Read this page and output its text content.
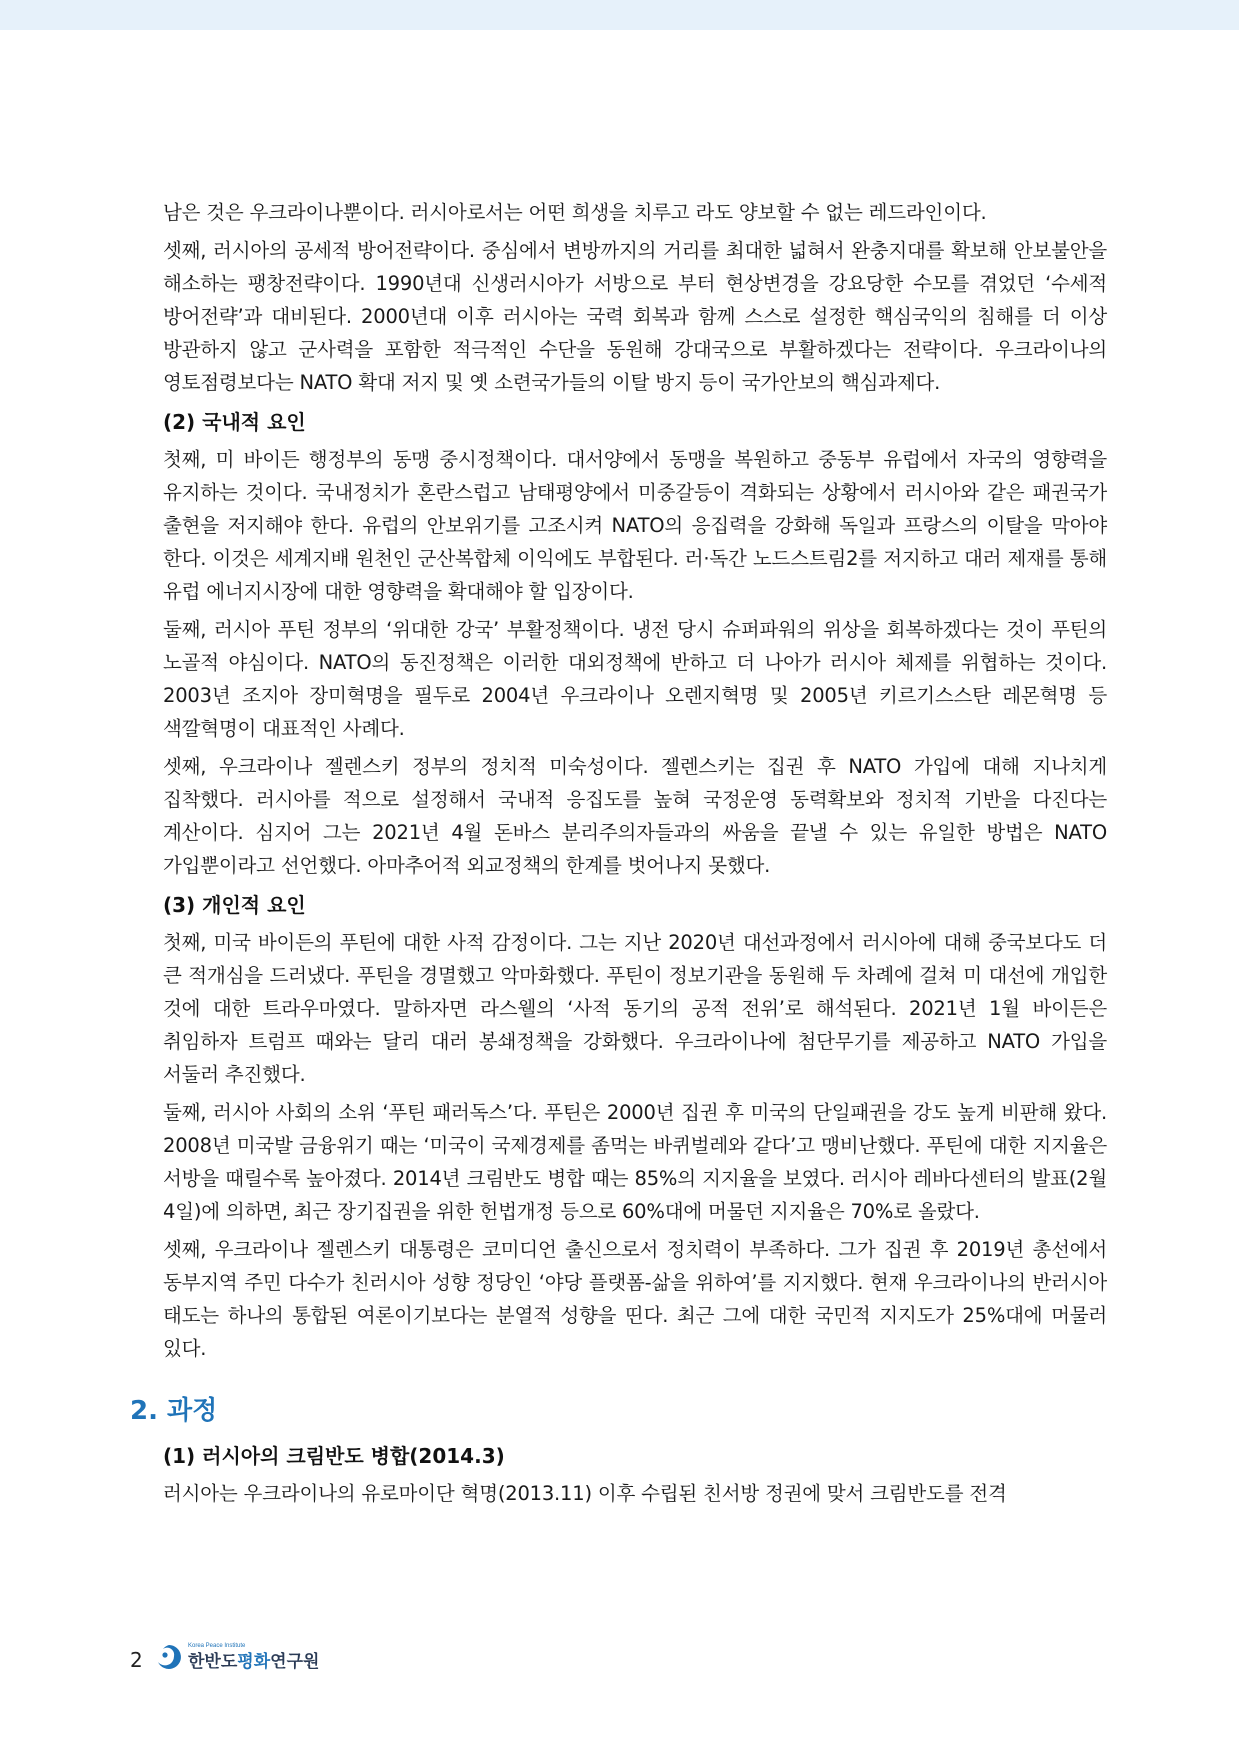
남은 것은 우크라이나뿐이다. 러시아로서는 어떤 희생을 치루고 라도 양보할 수 없는 레드라인이다.

셋째, 러시아의 공세적 방어전략이다. 중심에서 변방까지의 거리를 최대한 넓혀서 완충지대를 확보해 안보불안을 해소하는 팽창전략이다. 1990년대 신생러시아가 서방으로 부터 현상변경을 강요당한 수모를 겪었던 ‘수세적 방어전략’과 대비된다. 2000년대 이후 러시아는 국력 회복과 함께 스스로 설정한 핵심국익의 침해를 더 이상 방관하지 않고 군사력을 포함한 적극적인 수단을 동원해 강대국으로 부활하겠다는 전략이다. 우크라이나의 영토점령보다는 NATO 확대 저지 및 옛 소련국가들의 이탈 방지 등이 국가안보의 핵심과제다.

(2) 국내적 요인

첫째, 미 바이든 행정부의 동맹 중시정책이다. 대서양에서 동맹을 복원하고 중동부 유럽에서 자국의 영향력을 유지하는 것이다. 국내정치가 혼란스럽고 남태평양에서 미중갈등이 격화되는 상황에서 러시아와 같은 패권국가 출현을 저지해야 한다. 유럽의 안보위기를 고조시켜 NATO의 응집력을 강화해 독일과 프랑스의 이탈을 막아야 한다. 이것은 세계지배 원천인 군산복합체 이익에도 부합된다. 러·독간 노드스트림2를 저지하고 대러 제재를 통해 유럽 에너지시장에 대한 영향력을 확대해야 할 입장이다.

둘째, 러시아 푸틴 정부의 ‘위대한 강국’ 부활정책이다. 냉전 당시 슈퍼파워의 위상을 회복하겠다는 것이 푸틴의 노골적 야심이다. NATO의 동진정책은 이러한 대외정책에 반하고 더 나아가 러시아 체제를 위협하는 것이다. 2003년 조지아 장미혁명을 필두로 2004년 우크라이나 오렌지혁명 및 2005년 키르기스스탄 레몬혁명 등 색깔혁명이 대표적인 사례다.

셋째, 우크라이나 젤렌스키 정부의 정치적 미숙성이다. 젤렌스키는 집권 후 NATO 가입에 대해 지나치게 집착했다. 러시아를 적으로 설정해서 국내적 응집도를 높혀 국정운영 동력확보와 정치적 기반을 다진다는 계산이다. 심지어 그는 2021년 4월 돈바스 분리주의자들과의 싸움을 끝낼 수 있는 유일한 방법은 NATO 가입뿐이라고 선언했다. 아마추어적 외교정책의 한계를 벗어나지 못했다.

(3) 개인적 요인

첫째, 미국 바이든의 푸틴에 대한 사적 감정이다. 그는 지난 2020년 대선과정에서 러시아에 대해 중국보다도 더 큰 적개심을 드러냈다. 푸틴을 경멸했고 악마화했다. 푸틴이 정보기관을 동원해 두 차례에 걸쳐 미 대선에 개입한 것에 대한 트라우마였다. 말하자면 라스웰의 ‘사적 동기의 공적 전위’로 해석된다. 2021년 1월 바이든은 취임하자 트럼프 때와는 달리 대러 봉쇄정책을 강화했다. 우크라이나에 첨단무기를 제공하고 NATO 가입을 서둘러 추진했다.

둘째, 러시아 사회의 소위 ‘푸틴 패러독스’다. 푸틴은 2000년 집권 후 미국의 단일패권을 강도 높게 비판해 왔다. 2008년 미국발 금융위기 때는 ‘미국이 국제경제를 좀먹는 바퀴벌레와 같다’고 맹비난했다. 푸틴에 대한 지지율은 서방을 때릴수록 높아졌다. 2014년 크림반도 병합 때는 85%의 지지율을 보였다. 러시아 레바다센터의 발표(2월 4일)에 의하면, 최근 장기집권을 위한 헌법개정 등으로 60%대에 머물던 지지율은 70%로 올랐다.

셋째, 우크라이나 젤렌스키 대통령은 코미디언 출신으로서 정치력이 부족하다. 그가 집권 후 2019년 총선에서 동부지역 주민 다수가 친러시아 성향 정당인 ‘야당 플랫폼-삶을 위하여’를 지지했다. 현재 우크라이나의 반러시아 태도는 하나의 통합된 여론이기보다는 분열적 성향을 띤다. 최근 그에 대한 국민적 지지도가 25%대에 머물러 있다.

2. 과정
(1) 러시아의 크림반도 병합(2014.3)

러시아는 우크라이나의 유로마이단 혁명(2013.11) 이후 수립된 친서방 정권에 맞서 크림반도를 전격

2
Korea Peace Institute
한반도평화연구원
